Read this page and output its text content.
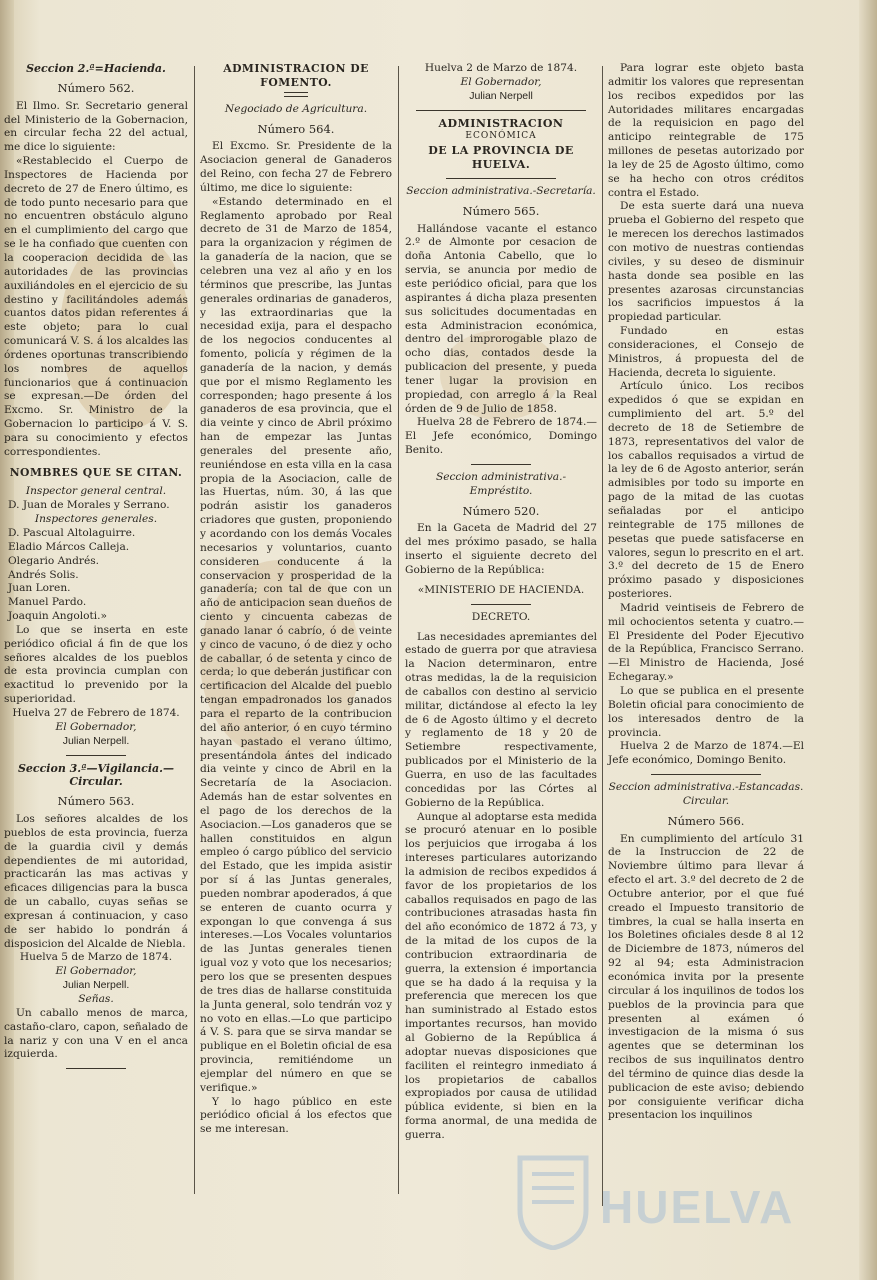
Seccion 2.ª=Hacienda.

Número 562.

El Ilmo. Sr. Secretario general del Ministerio de la Gobernacion, en circular fecha 22 del actual, me dice lo siguiente:

«Restablecido el Cuerpo de Inspectores de Hacienda por decreto de 27 de Enero último, es de todo punto necesario para que no encuentren obstáculo alguno en el cumplimiento del cargo que se le ha confiado que cuenten con la cooperacion decidida de las autoridades de las provincias auxiliándoles en el ejercicio de su destino y facilitándoles además cuantos datos pidan referentes á este objeto; para lo cual comunicará V. S. á los alcaldes las órdenes oportunas transcribiendo los nombres de aquellos funcionarios que á continuacion se expresan.—De órden del Excmo. Sr. Ministro de la Gobernacion lo participo á V. S. para su conocimiento y efectos correspondientes.

NOMBRES QUE SE CITAN.

Inspector general central.

D. Juan de Morales y Serrano.

Inspectores generales.

D. Pascual Altolaguirre.

Eladio Márcos Calleja.

Olegario Andrés.

Andrés Solis.

Juan Loren.

Manuel Pardo.

Joaquin Angoloti.»

Lo que se inserta en este periódico oficial á fin de que los señores alcaldes de los pueblos de esta provincia cumplan con exactitud lo prevenido por la superioridad.

Huelva 27 de Febrero de 1874.

El Gobernador,

Julian Nerpell.

Seccion 3.ª—Vigilancia.—Circular.

Número 563.

Los señores alcaldes de los pueblos de esta provincia, fuerza de la guardia civil y demás dependientes de mi autoridad, practicarán las mas activas y eficaces diligencias para la busca de un caballo, cuyas señas se expresan á continuacion, y caso de ser habido lo pondrán á disposicion del Alcalde de Niebla.

Huelva 5 de Marzo de 1874.

El Gobernador,

Julian Nerpell.

Señas.

Un caballo menos de marca, castaño-claro, capon, señalado de la nariz y con una V en el anca izquierda.

ADMINISTRACION DE FOMENTO.

Negociado de Agricultura.

Número 564.

El Excmo. Sr. Presidente de la Asociacion general de Ganaderos del Reino, con fecha 27 de Febrero último, me dice lo siguiente:

«Estando determinado en el Reglamento aprobado por Real decreto de 31 de Marzo de 1854, para la organizacion y régimen de la ganadería de la nacion, que se celebren una vez al año y en los términos que prescribe, las Juntas generales ordinarias de ganaderos, y las extraordinarias que la necesidad exija, para el despacho de los negocios conducentes al fomento, policía y régimen de la ganadería de la nacion, y demás que por el mismo Reglamento les corresponden; hago presente á los ganaderos de esa provincia, que el dia veinte y cinco de Abril próximo han de empezar las Juntas generales del presente año, reuniéndose en esta villa en la casa propia de la Asociacion, calle de las Huertas, núm. 30, á las que podrán asistir los ganaderos criadores que gusten, proponiendo y acordando con los demás Vocales necesarios y voluntarios, cuanto consideren conducente á la conservacion y prosperidad de la ganadería; con tal de que con un año de anticipacion sean dueños de ciento y cincuenta cabezas de ganado lanar ó cabrío, ó de veinte y cinco de vacuno, ó de diez y ocho de caballar, ó de setenta y cinco de cerda; lo que deberán justificar con certificacion del Alcalde del pueblo tengan empadronados los ganados para el reparto de la contribucion del año anterior, ó en cuyo término hayan pastado el verano último, presentándola ántes del indicado dia veinte y cinco de Abril en la Secretaría de la Asociacion. Además han de estar solventes en el pago de los derechos de la Asociacion.—Los ganaderos que se hallen constituidos en algun empleo ó cargo público del servicio del Estado, que les impida asistir por sí á las Juntas generales, pueden nombrar apoderados, á que se enteren de cuanto ocurra y expongan lo que convenga á sus intereses.—Los Vocales voluntarios de las Juntas generales tienen igual voz y voto que los necesarios; pero los que se presenten despues de tres dias de hallarse constituida la Junta general, solo tendrán voz y no voto en ellas.—Lo que participo á V. S. para que se sirva mandar se publique en el Boletin oficial de esa provincia, remitiéndome un ejemplar del número en que se verifique.»

Y lo hago público en este periódico oficial á los efectos que se me interesan.

Huelva 2 de Marzo de 1874.

El Gobernador,

Julian Nerpell

ADMINISTRACION

ECONÓMICA

DE LA PROVINCIA DE HUELVA.

Seccion administrativa.-Secretaría.

Número 565.

Hallándose vacante el estanco 2.º de Almonte por cesacion de doña Antonia Cabello, que lo servia, se anuncia por medio de este periódico oficial, para que los aspirantes á dicha plaza presenten sus solicitudes documentadas en esta Administracion económica, dentro del improrogable plazo de ocho dias, contados desde la publicacion del presente, y pueda tener lugar la provision en propiedad, con arreglo á la Real órden de 9 de Julio de 1858.

Huelva 28 de Febrero de 1874.—El Jefe económico, Domingo Benito.

Seccion administrativa.-Empréstito.

Número 520.

En la Gaceta de Madrid del 27 del mes próximo pasado, se halla inserto el siguiente decreto del Gobierno de la República:

«MINISTERIO DE HACIENDA.

DECRETO.

Las necesidades apremiantes del estado de guerra por que atraviesa la Nacion determinaron, entre otras medidas, la de la requisicion de caballos con destino al servicio militar, dictándose al efecto la ley de 6 de Agosto último y el decreto y reglamento de 18 y 20 de Setiembre respectivamente, publicados por el Ministerio de la Guerra, en uso de las facultades concedidas por las Córtes al Gobierno de la República.

Aunque al adoptarse esta medida se procuró atenuar en lo posible los perjuicios que irrogaba á los intereses particulares autorizando la admision de recibos expedidos á favor de los propietarios de los caballos requisados en pago de las contribuciones atrasadas hasta fin del año económico de 1872 á 73, y de la mitad de los cupos de la contribucion extraordinaria de guerra, la extension é importancia que se ha dado á la requisa y la preferencia que merecen los que han suministrado al Estado estos importantes recursos, han movido al Gobierno de la República á adoptar nuevas disposiciones que faciliten el reintegro inmediato á los propietarios de caballos expropiados por causa de utilidad pública evidente, si bien en la forma anormal, de una medida de guerra.

Para lograr este objeto basta admitir los valores que representan los recibos expedidos por las Autoridades militares encargadas de la requisicion en pago del anticipo reintegrable de 175 millones de pesetas autorizado por la ley de 25 de Agosto último, como se ha hecho con otros créditos contra el Estado.

De esta suerte dará una nueva prueba el Gobierno del respeto que le merecen los derechos lastimados con motivo de nuestras contiendas civiles, y su deseo de disminuir hasta donde sea posible en las presentes azarosas circunstancias los sacrificios impuestos á la propiedad particular.

Fundado en estas consideraciones, el Consejo de Ministros, á propuesta del de Hacienda, decreta lo siguiente.

Artículo único. Los recibos expedidos ó que se expidan en cumplimiento del art. 5.º del decreto de 18 de Setiembre de 1873, representativos del valor de los caballos requisados a virtud de la ley de 6 de Agosto anterior, serán admisibles por todo su importe en pago de la mitad de las cuotas señaladas por el anticipo reintegrable de 175 millones de pesetas que puede satisfacerse en valores, segun lo prescrito en el art. 3.º del decreto de 15 de Enero próximo pasado y disposiciones posteriores.

Madrid veintiseis de Febrero de mil ochocientos setenta y cuatro.—El Presidente del Poder Ejecutivo de la República, Francisco Serrano.—El Ministro de Hacienda, José Echegaray.»

Lo que se publica en el presente Boletin oficial para conocimiento de los interesados dentro de la provincia.

Huelva 2 de Marzo de 1874.—El Jefe económico, Domingo Benito.

Seccion administrativa.-Estancadas. Circular.

Número 566.

En cumplimiento del artículo 31 de la Instruccion de 22 de Noviembre último para llevar á efecto el art. 3.º del decreto de 2 de Octubre anterior, por el que fué creado el Impuesto transitorio de timbres, la cual se halla inserta en los Boletines oficiales desde 8 al 12 de Diciembre de 1873, números del 92 al 94; esta Administracion económica invita por la presente circular á los inquilinos de todos los pueblos de la provincia para que presenten al exámen ó investigacion de la misma ó sus agentes que se determinan los recibos de sus inquilinatos dentro del término de quince dias desde la publicacion de este aviso; debiendo por consiguiente verificar dicha presentacion los inquilinos

HUELVA
